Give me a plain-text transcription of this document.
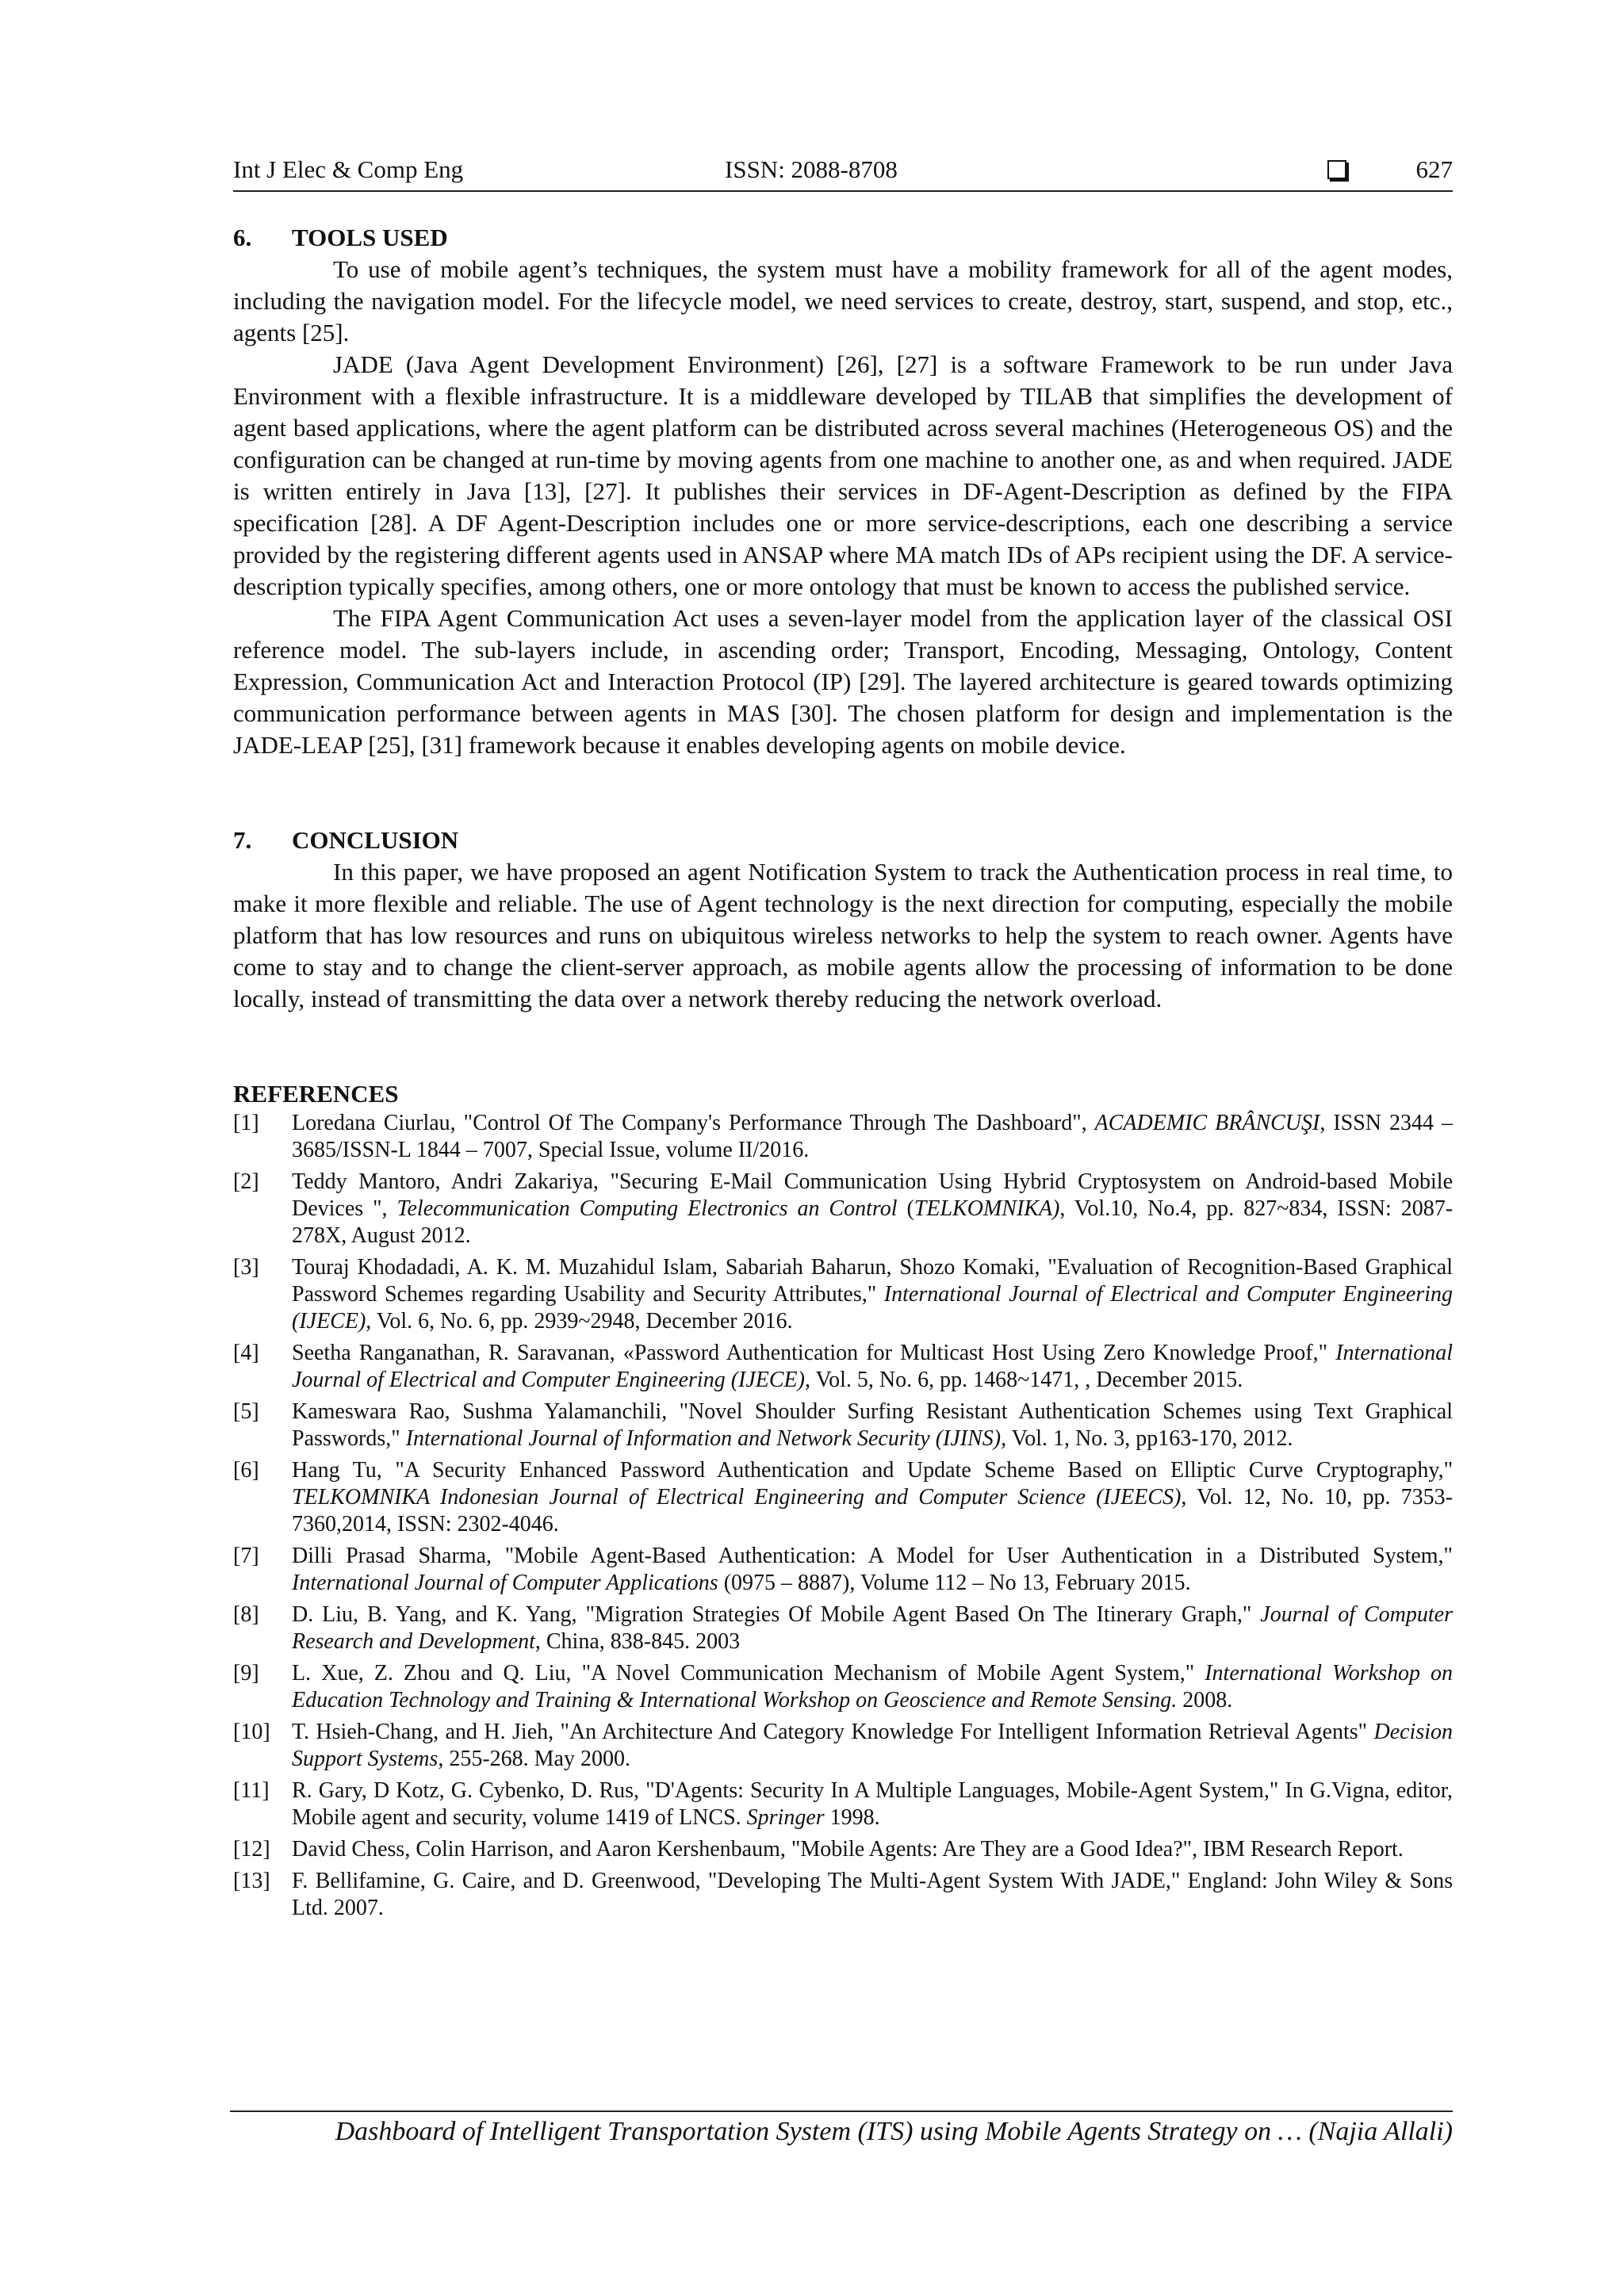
Int J Elec & Comp Eng	ISSN: 2088-8708	627
6.	TOOLS USED

To use of mobile agent’s techniques, the system must have a mobility framework for all of the agent modes, including the navigation model. For the lifecycle model, we need services to create, destroy, start, suspend, and stop, etc., agents [25].

JADE (Java Agent Development Environment) [26], [27] is a software Framework to be run under Java Environment with a flexible infrastructure. It is a middleware developed by TILAB that simplifies the development of agent based applications, where the agent platform can be distributed across several machines (Heterogeneous OS) and the configuration can be changed at run-time by moving agents from one machine to another one, as and when required. JADE is written entirely in Java [13], [27]. It publishes their services in DF-Agent-Description as defined by the FIPA specification [28]. A DF Agent-Description includes one or more service-descriptions, each one describing a service provided by the registering different agents used in ANSAP where MA match IDs of APs recipient using the DF. A service-description typically specifies, among others, one or more ontology that must be known to access the published service.

The FIPA Agent Communication Act uses a seven-layer model from the application layer of the classical OSI reference model. The sub-layers include, in ascending order; Transport, Encoding, Messaging, Ontology, Content Expression, Communication Act and Interaction Protocol (IP) [29]. The layered architecture is geared towards optimizing communication performance between agents in MAS [30]. The chosen platform for design and implementation is the JADE-LEAP [25], [31] framework because it enables developing agents on mobile device.

7.	CONCLUSION

In this paper, we have proposed an agent Notification System to track the Authentication process in real time, to make it more flexible and reliable. The use of Agent technology is the next direction for computing, especially the mobile platform that has low resources and runs on ubiquitous wireless networks to help the system to reach owner. Agents have come to stay and to change the client-server approach, as mobile agents allow the processing of information to be done locally, instead of transmitting the data over a network thereby reducing the network overload.

REFERENCES
[1]	Loredana Ciurlau, "Control Of The Company's Performance Through The Dashboard", ACADEMIC BRÂNCUŞI, ISSN 2344 – 3685/ISSN-L 1844 – 7007, Special Issue, volume II/2016.
[2]	Teddy Mantoro, Andri Zakariya, "Securing E-Mail Communication Using Hybrid Cryptosystem on Android-based Mobile Devices ", Telecommunication Computing Electronics an Control (TELKOMNIKA), Vol.10, No.4, pp. 827~834, ISSN: 2087-278X, August 2012.
[3]	Touraj Khodadadi, A. K. M. Muzahidul Islam, Sabariah Baharun, Shozo Komaki, "Evaluation of Recognition-Based Graphical Password Schemes regarding Usability and Security Attributes," International Journal of Electrical and Computer Engineering (IJECE), Vol. 6, No. 6, pp. 2939~2948, December 2016.
[4]	Seetha Ranganathan, R. Saravanan, «Password Authentication for Multicast Host Using Zero Knowledge Proof," International Journal of Electrical and Computer Engineering (IJECE), Vol. 5, No. 6, pp. 1468~1471, , December 2015.
[5]	Kameswara Rao, Sushma Yalamanchili, "Novel Shoulder Surfing Resistant Authentication Schemes using Text Graphical Passwords," International Journal of Information and Network Security (IJINS), Vol. 1, No. 3, pp163-170, 2012.
[6]	Hang Tu, "A Security Enhanced Password Authentication and Update Scheme Based on Elliptic Curve Cryptography," TELKOMNIKA Indonesian Journal of Electrical Engineering and Computer Science (IJEECS), Vol. 12, No. 10, pp. 7353-7360,2014, ISSN: 2302-4046.
[7]	Dilli Prasad Sharma, "Mobile Agent-Based Authentication: A Model for User Authentication in a Distributed System," International Journal of Computer Applications (0975 – 8887), Volume 112 – No 13, February 2015.
[8]	D. Liu, B. Yang, and K. Yang, "Migration Strategies Of Mobile Agent Based On The Itinerary Graph," Journal of Computer Research and Development, China, 838-845. 2003
[9]	L. Xue, Z. Zhou and Q. Liu, "A Novel Communication Mechanism of Mobile Agent System," International Workshop on Education Technology and Training & International Workshop on Geoscience and Remote Sensing. 2008.
[10] T. Hsieh-Chang, and H. Jieh, "An Architecture And Category Knowledge For Intelligent Information Retrieval Agents" Decision Support Systems, 255-268. May 2000.
[11]	R. Gary, D Kotz, G. Cybenko, D. Rus, "D'Agents: Security In A Multiple Languages, Mobile-Agent System," In G.Vigna, editor, Mobile agent and security, volume 1419 of LNCS. Springer 1998.
[12] David Chess, Colin Harrison, and Aaron Kershenbaum, "Mobile Agents: Are They are a Good Idea?", IBM Research Report.
[13] F. Bellifamine, G. Caire, and D. Greenwood, "Developing The Multi-Agent System With JADE," England: John Wiley & Sons Ltd. 2007.
Dashboard of Intelligent Transportation System (ITS) using Mobile Agents Strategy on … (Najia Allali)
